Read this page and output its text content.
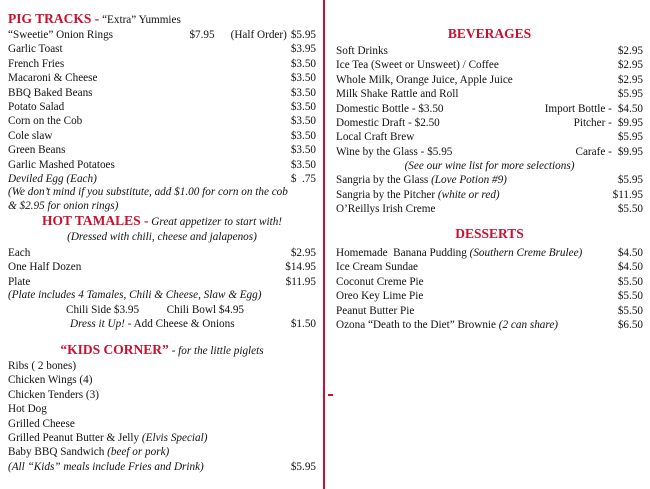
PIG TRACKS - “Extra” Yummies
“Sweetie” Onion Rings	$7.95 (Half Order) $5.95
Garlic Toast	$3.95
French Fries	$3.50
Macaroni & Cheese	$3.50
BBQ Baked Beans	$3.50
Potato Salad	$3.50
Corn on the Cob	$3.50
Cole slaw	$3.50
Green Beans	$3.50
Garlic Mashed Potatoes	$3.50
Deviled Egg (Each)	$  .75
(We don’t mind if you substitute, add $1.00 for corn on the cob
& $2.95 for onion rings)
HOT TAMALES - Great appetizer to start with!
(Dressed with chili, cheese and jalapenos)
Each	$2.95
One Half Dozen	$14.95
Plate	$11.95
(Plate includes 4 Tamales, Chili & Cheese, Slaw & Egg)
Chili Side $3.95 Chili Bowl $4.95
Dress it Up! - Add Cheese & Onions	$1.50
“KIDS CORNER” - for the little piglets
Ribs ( 2 bones)
Chicken Wings (4)
Chicken Tenders (3)
Hot Dog
Grilled Cheese
Grilled Peanut Butter & Jelly (Elvis Special)
Baby BBQ Sandwich (beef or pork)
(All “Kids” meals include Fries and Drink)	$5.95
BEVERAGES
Soft Drinks	$2.95
Ice Tea (Sweet or Unsweet) / Coffee	$2.95
Whole Milk, Orange Juice, Apple Juice	$2.95
Milk Shake Rattle and Roll	$5.95
Domestic Bottle - $3.50	Import Bottle - $4.50
Domestic Draft - $2.50	Pitcher - $9.95
Local Craft Brew	$5.95
Wine by the Glass - $5.95	Carafe - $9.95
(See our wine list for more selections)
Sangria by the Glass (Love Potion #9)	$5.95
Sangria by the Pitcher (white or red)	$11.95
O’Reillys Irish Creme	$5.50
DESSERTS
Homemade  Banana Pudding (Southern Creme Brulee)	$4.50
Ice Cream Sundae	$4.50
Coconut Creme Pie	$5.50
Oreo Key Lime Pie	$5.50
Peanut Butter Pie	$5.50
Ozona “Death to the Diet” Brownie (2 can share)	$6.50
